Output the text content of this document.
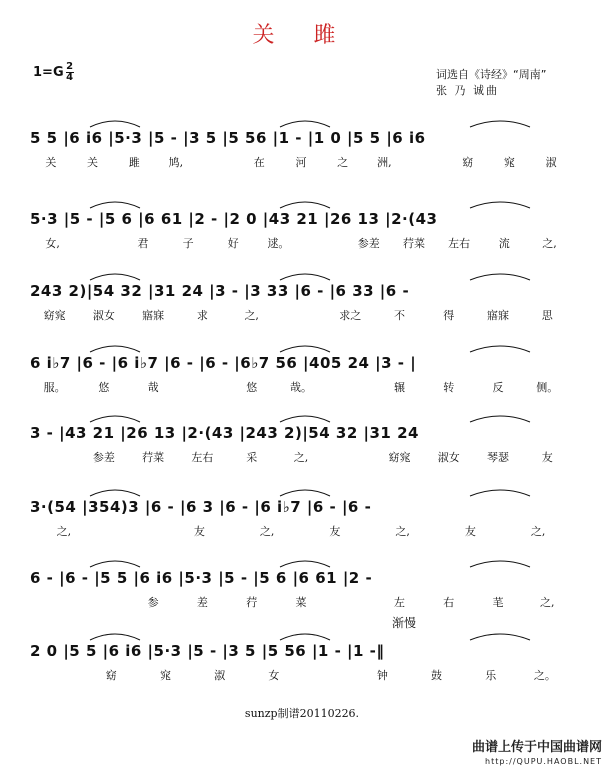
关 雎
$1=G \frac{2}{4}$	词选自《诗经》“周南”
张 乃 诚曲
5 5 |6 i6 |5·3 |5 - |3 5 |5 56 |1 - |1 0 |5 5 |6 i6
关	关	雎	鸠,	在	河	之	洲,	窈	窕	淑
5·3 |5 - |5 6 |6 61 |2 - |2 0 |43 21 |26 13 |2·(43
女,	君	子	好	逑。	参差	荇菜	左右	流	之,
243 2)|54 32 |31 24 |3 - |3 33 |6 - |6 33 |6 -
窈窕	淑女	寤寐	求	之,	求之	不	得	寤寐	思
6 i♭7 |6 - |6 i♭7 |6 - |6 - |6♭7 56 |405 24 |3 - |
服。	悠	哉	悠	哉。	辗	转	反	侧。
3 - |43 21 |26 13 |2·(43 |243 2)|54 32 |31 24
参差	荇菜	左右	采	之,	窈窕	淑女	琴瑟	友
3·(54 |354)3 |6 - |6 3 |6 - |6 i♭7 |6 - |6 -
之,	友	之,	友	之,	友	之,
6 - |6 - |5 5 |6 i6 |5·3 |5 - |5 6 |6 61 |2 -
参	差	荇	菜	左	右	芼	之,
2 0 |5 5 |6 i6 |5·3 |5 - |3 5 |5 56 |1 - |1 -‖
窈	窕	淑	女	钟	鼓	乐	之。
渐慢
sunzp制谱20110226.
曲谱上传于中国曲谱网
http://QUPU.HAOBL.NET
